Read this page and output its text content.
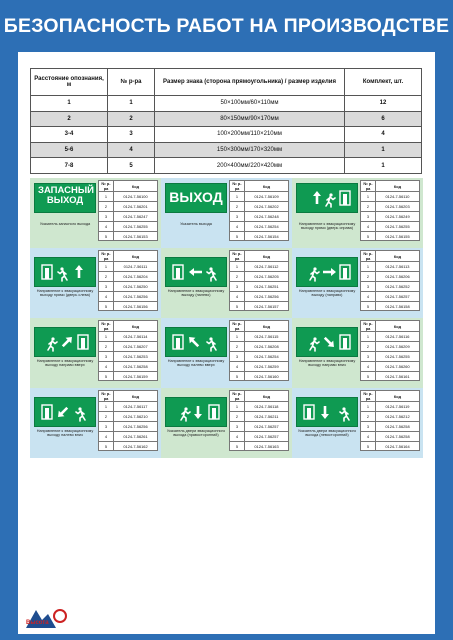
БЕЗОПАСНОСТЬ РАБОТ НА ПРОИЗВОДСТВЕ
Расстояние опознания, м	№ р-ра	Размер знака (сторона прямоугольника) / размер изделия	Комплект, шт.
1	1	50×100мм/60×110мм	12
2	2	80×150мм/90×170мм	6
3-4	3	100×200мм/110×210мм	4
5-6	4	150×300мм/170×320мм	1
7-8	5	200×400мм/220×420мм	1
ЗАПАСНЫЙ ВЫХОД
Указатель запасного выхода
№ р-ра	Код
1	0124-7-56100
2	0124-7-56201
3	0124-7-56247
4	0124-7-56255
5	0124-7-56153
ВЫХОД
Указатель выхода
№ р-ра	Код
1	0124-7-56109
2	0124-7-56202
3	0124-7-56248
4	0124-7-56254
5	0124-7-56154
Направление к эвакуационному выходу прямо (дверь справа)
№ р-ра	Код
1	0124-7-56110
2	0124-7-56203
3	0124-7-56249
4	0124-7-56255
5	0124-7-56155
Направление к эвакуационному выходу прямо (дверь слева)
№ р-ра	Код
1	0124-7-56111
2	0124-7-56204
3	0124-7-56250
4	0124-7-56256
5	0124-7-56156
Направление к эвакуационному выходу (налево)
№ р-ра	Код
1	0124-7-56112
2	0124-7-56205
3	0124-7-56251
4	0124-7-56256
5	0124-7-56157
Направление к эвакуационному выходу (направо)
№ р-ра	Код
1	0124-7-56113
2	0124-7-56206
3	0124-7-56252
4	0124-7-56257
5	0124-7-56158
Направление к эвакуационному выходу направо вверх
№ р-ра	Код
1	0124-7-56114
2	0124-7-56207
3	0124-7-56253
4	0124-7-56258
5	0124-7-56159
Направление к эвакуационному выходу налево вверх
№ р-ра	Код
1	0124-7-56115
2	0124-7-56208
3	0124-7-56254
4	0124-7-56259
5	0124-7-56160
Направление к эвакуационному выходу направо вниз
№ р-ра	Код
1	0124-7-56116
2	0124-7-56209
3	0124-7-56255
4	0124-7-56260
5	0124-7-56161
Направление к эвакуационному выходу налево вниз
№ р-ра	Код
1	0124-7-56117
2	0124-7-56210
3	0124-7-56256
4	0124-7-56261
5	0124-7-56162
Указатель двери эвакуационного выхода (правосторонний)
№ р-ра	Код
1	0124-7-56118
2	0124-7-56211
3	0124-7-56257
4	0124-7-56257
5	0124-7-56163
Указатель двери эвакуационного выхода (левосторонний)
№ р-ра	Код
1	0124-7-56119
2	0124-7-56212
3	0124-7-56258
4	0124-7-56258
5	0124-7-56164
Высота
